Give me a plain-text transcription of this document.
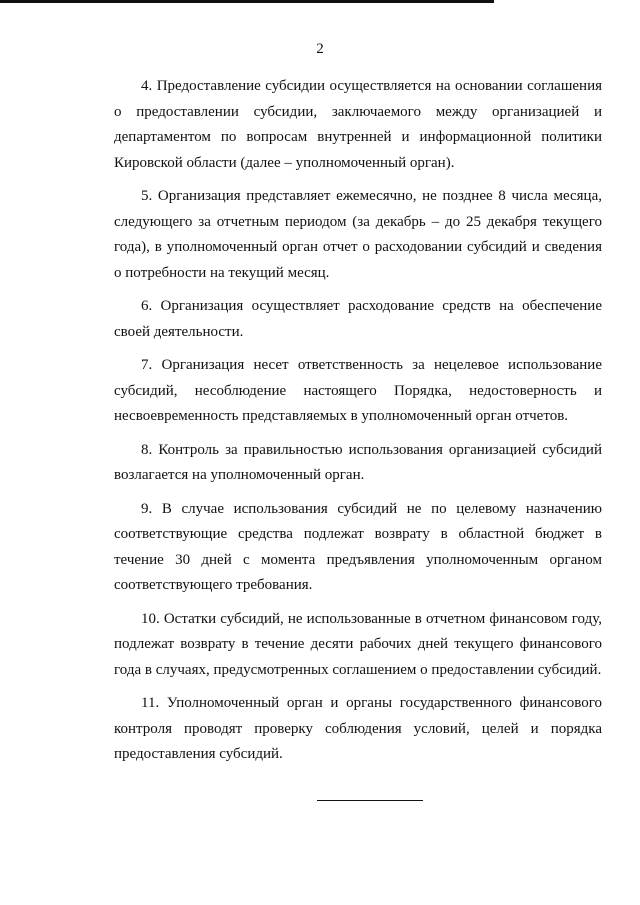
2

4. Предоставление субсидии осуществляется на основании соглашения о предоставлении субсидии, заключаемого между организацией и департаментом по вопросам внутренней и информационной политики Кировской области (далее – уполномоченный орган).

5. Организация представляет ежемесячно, не позднее 8 числа месяца, следующего за отчетным периодом (за декабрь – до 25 декабря текущего года), в уполномоченный орган отчет о расходовании субсидий и сведения о потребности на текущий месяц.

6. Организация осуществляет расходование средств на обеспечение своей деятельности.

7. Организация несет ответственность за нецелевое использование субсидий, несоблюдение настоящего Порядка, недостоверность и несвоевременность представляемых в уполномоченный орган отчетов.

8. Контроль за правильностью использования организацией субсидий возлагается на уполномоченный орган.

9. В случае использования субсидий не по целевому назначению соответствующие средства подлежат возврату в областной бюджет в течение 30 дней с момента предъявления уполномоченным органом соответствующего требования.

10. Остатки субсидий, не использованные в отчетном финансовом году, подлежат возврату в течение десяти рабочих дней текущего финансового года в случаях, предусмотренных соглашением о предоставлении субсидий.

11. Уполномоченный орган и органы государственного финансового контроля проводят проверку соблюдения условий, целей и порядка предоставления субсидий.
